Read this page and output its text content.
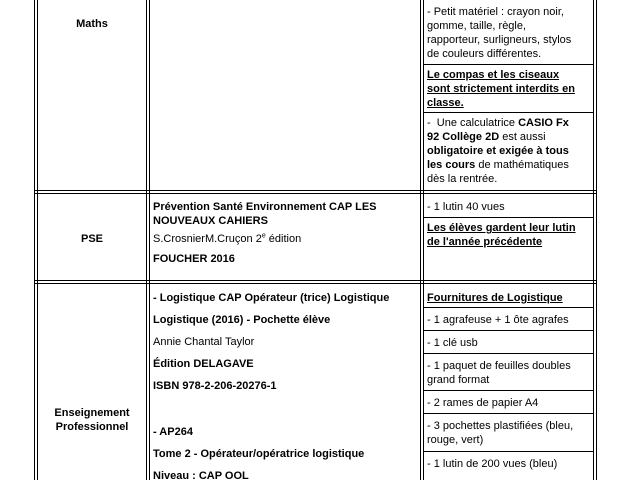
Maths
- Petit matériel : crayon noir,
gomme, taille, règle,
rapporteur, surligneurs, stylos
de couleurs différentes.
Le compas et les ciseaux
sont strictement interdits en
classe.
-  Une calculatrice CASIO Fx
92 Collège 2D est aussi
obligatoire et exigée à tous
les cours de mathématiques
dès la rentrée.
PSE
Prévention Santé Environnement CAP LES
NOUVEAUX CAHIERS
S.CrosnierM.Cruçon 2e édition
FOUCHER 2016
- 1 lutin 40 vues
Les élèves gardent leur lutin
de l'année précédente
Enseignement
Professionnel
- Logistique CAP Opérateur (trice) Logistique
Logistique (2016) - Pochette élève
Annie Chantal Taylor
Édition DELAGAVE
ISBN 978-2-206-20276-1
- AP264
Tome 2 - Opérateur/opératrice logistique
Niveau : CAP OOL
Fournitures de Logistique
- 1 agrafeuse + 1 ôte agrafes
- 1 clé usb
- 1 paquet de feuilles doubles
grand format
- 2 rames de papier A4
- 3 pochettes plastifiées (bleu,
rouge, vert)
- 1 lutin de 200 vues (bleu)
